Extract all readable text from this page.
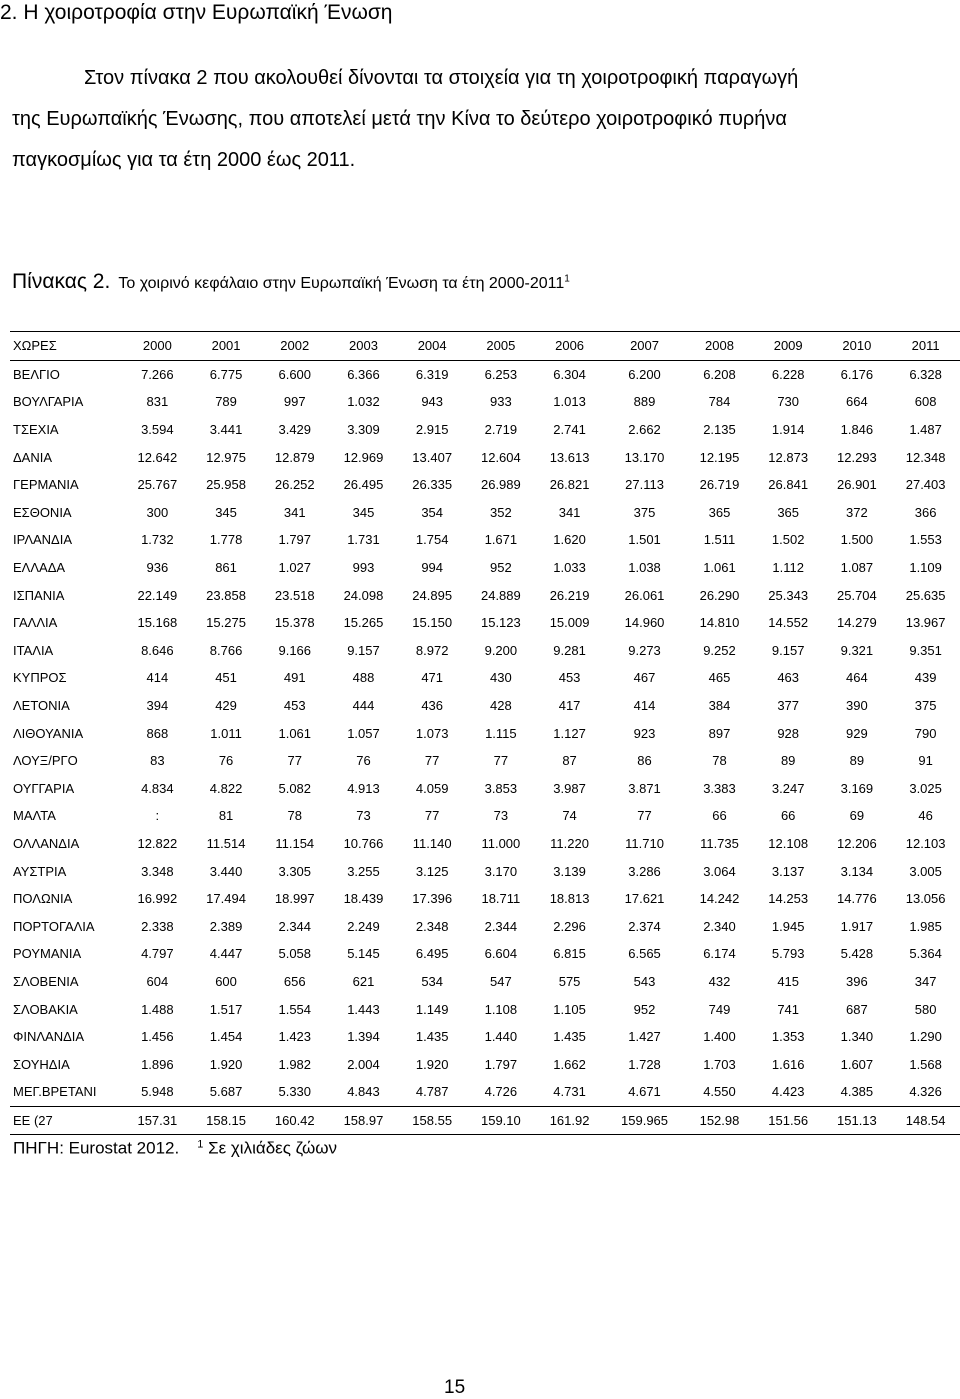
2. Η χοιροτροφία στην Ευρωπαϊκή Ένωση
Στον πίνακα 2 που ακολουθεί δίνονται τα στοιχεία για τη χοιροτροφική παραγωγή
της Ευρωπαϊκής Ένωσης, που αποτελεί μετά την Κίνα το δεύτερο χοιροτροφικό πυρήνα
παγκοσμίως για τα έτη 2000 έως 2011.
Πίνακας 2. Το χοιρινό κεφάλαιο στην Ευρωπαϊκή Ένωση τα έτη 2000-2011$^1$
ΧΩΡΕΣ	2000	2001	2002	2003	2004	2005	2006	2007	2008	2009	2010	2011
ΒΕΛΓΙΟ	7.266	6.775	6.600	6.366	6.319	6.253	6.304	6.200	6.208	6.228	6.176	6.328
ΒΟΥΛΓΑΡΙΑ	831	789	997	1.032	943	933	1.013	889	784	730	664	608
ΤΣΕΧΙΑ	3.594	3.441	3.429	3.309	2.915	2.719	2.741	2.662	2.135	1.914	1.846	1.487
ΔΑΝΙΑ	12.642	12.975	12.879	12.969	13.407	12.604	13.613	13.170	12.195	12.873	12.293	12.348
ΓΕΡΜΑΝΙΑ	25.767	25.958	26.252	26.495	26.335	26.989	26.821	27.113	26.719	26.841	26.901	27.403
ΕΣΘΟΝΙΑ	300	345	341	345	354	352	341	375	365	365	372	366
ΙΡΛΑΝΔΙΑ	1.732	1.778	1.797	1.731	1.754	1.671	1.620	1.501	1.511	1.502	1.500	1.553
ΕΛΛΑΔΑ	936	861	1.027	993	994	952	1.033	1.038	1.061	1.112	1.087	1.109
ΙΣΠΑΝΙΑ	22.149	23.858	23.518	24.098	24.895	24.889	26.219	26.061	26.290	25.343	25.704	25.635
ΓΑΛΛΙΑ	15.168	15.275	15.378	15.265	15.150	15.123	15.009	14.960	14.810	14.552	14.279	13.967
ΙΤΑΛΙΑ	8.646	8.766	9.166	9.157	8.972	9.200	9.281	9.273	9.252	9.157	9.321	9.351
ΚΥΠΡΟΣ	414	451	491	488	471	430	453	467	465	463	464	439
ΛΕΤΟΝΙΑ	394	429	453	444	436	428	417	414	384	377	390	375
ΛΙΘΟΥΑΝΙΑ	868	1.011	1.061	1.057	1.073	1.115	1.127	923	897	928	929	790
ΛΟΥΞ/ΡΓΟ	83	76	77	76	77	77	87	86	78	89	89	91
ΟΥΓΓΑΡΙΑ	4.834	4.822	5.082	4.913	4.059	3.853	3.987	3.871	3.383	3.247	3.169	3.025
ΜΑΛΤΑ	:	81	78	73	77	73	74	77	66	66	69	46
ΟΛΛΑΝΔΙΑ	12.822	11.514	11.154	10.766	11.140	11.000	11.220	11.710	11.735	12.108	12.206	12.103
ΑΥΣΤΡΙΑ	3.348	3.440	3.305	3.255	3.125	3.170	3.139	3.286	3.064	3.137	3.134	3.005
ΠΟΛΩΝΙΑ	16.992	17.494	18.997	18.439	17.396	18.711	18.813	17.621	14.242	14.253	14.776	13.056
ΠΟΡΤΟΓΑΛΙΑ	2.338	2.389	2.344	2.249	2.348	2.344	2.296	2.374	2.340	1.945	1.917	1.985
ΡΟΥΜΑΝΙΑ	4.797	4.447	5.058	5.145	6.495	6.604	6.815	6.565	6.174	5.793	5.428	5.364
ΣΛΟΒΕΝΙΑ	604	600	656	621	534	547	575	543	432	415	396	347
ΣΛΟΒΑΚΙΑ	1.488	1.517	1.554	1.443	1.149	1.108	1.105	952	749	741	687	580
ΦΙΝΛΑΝΔΙΑ	1.456	1.454	1.423	1.394	1.435	1.440	1.435	1.427	1.400	1.353	1.340	1.290
ΣΟΥΗΔΙΑ	1.896	1.920	1.982	2.004	1.920	1.797	1.662	1.728	1.703	1.616	1.607	1.568
ΜΕΓ.ΒΡΕΤΑΝΙ	5.948	5.687	5.330	4.843	4.787	4.726	4.731	4.671	4.550	4.423	4.385	4.326
ΕΕ (27	157.31	158.15	160.42	158.97	158.55	159.10	161.92	159.965	152.98	151.56	151.13	148.54
ΠΗΓΗ: Eurostat 2012. $^1$ Σε χιλιάδες ζώων
15
